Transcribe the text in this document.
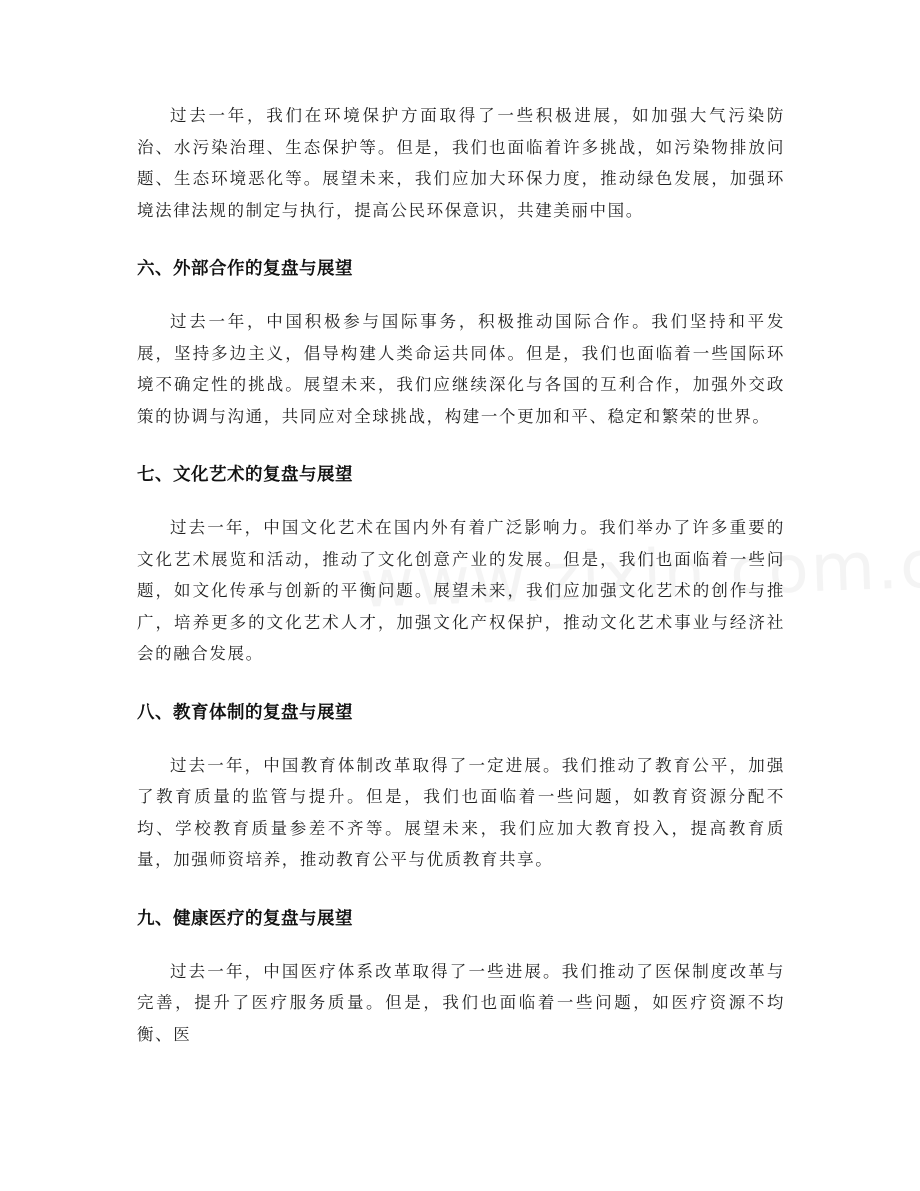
过去一年，我们在环境保护方面取得了一些积极进展，如加强大气污染防治、水污染治理、生态保护等。但是，我们也面临着许多挑战，如污染物排放问题、生态环境恶化等。展望未来，我们应加大环保力度，推动绿色发展，加强环境法律法规的制定与执行，提高公民环保意识，共建美丽中国。

六、外部合作的复盘与展望

过去一年，中国积极参与国际事务，积极推动国际合作。我们坚持和平发展，坚持多边主义，倡导构建人类命运共同体。但是，我们也面临着一些国际环境不确定性的挑战。展望未来，我们应继续深化与各国的互利合作，加强外交政策的协调与沟通，共同应对全球挑战，构建一个更加和平、稳定和繁荣的世界。

七、文化艺术的复盘与展望

过去一年，中国文化艺术在国内外有着广泛影响力。我们举办了许多重要的文化艺术展览和活动，推动了文化创意产业的发展。但是，我们也面临着一些问题，如文化传承与创新的平衡问题。展望未来，我们应加强文化艺术的创作与推广，培养更多的文化艺术人才，加强文化产权保护，推动文化艺术事业与经济社会的融合发展。

八、教育体制的复盘与展望

过去一年，中国教育体制改革取得了一定进展。我们推动了教育公平，加强了教育质量的监管与提升。但是，我们也面临着一些问题，如教育资源分配不均、学校教育质量参差不齐等。展望未来，我们应加大教育投入，提高教育质量，加强师资培养，推动教育公平与优质教育共享。

九、健康医疗的复盘与展望

过去一年，中国医疗体系改革取得了一些进展。我们推动了医保制度改革与完善，提升了医疗服务质量。但是，我们也面临着一些问题，如医疗资源不均衡、医
